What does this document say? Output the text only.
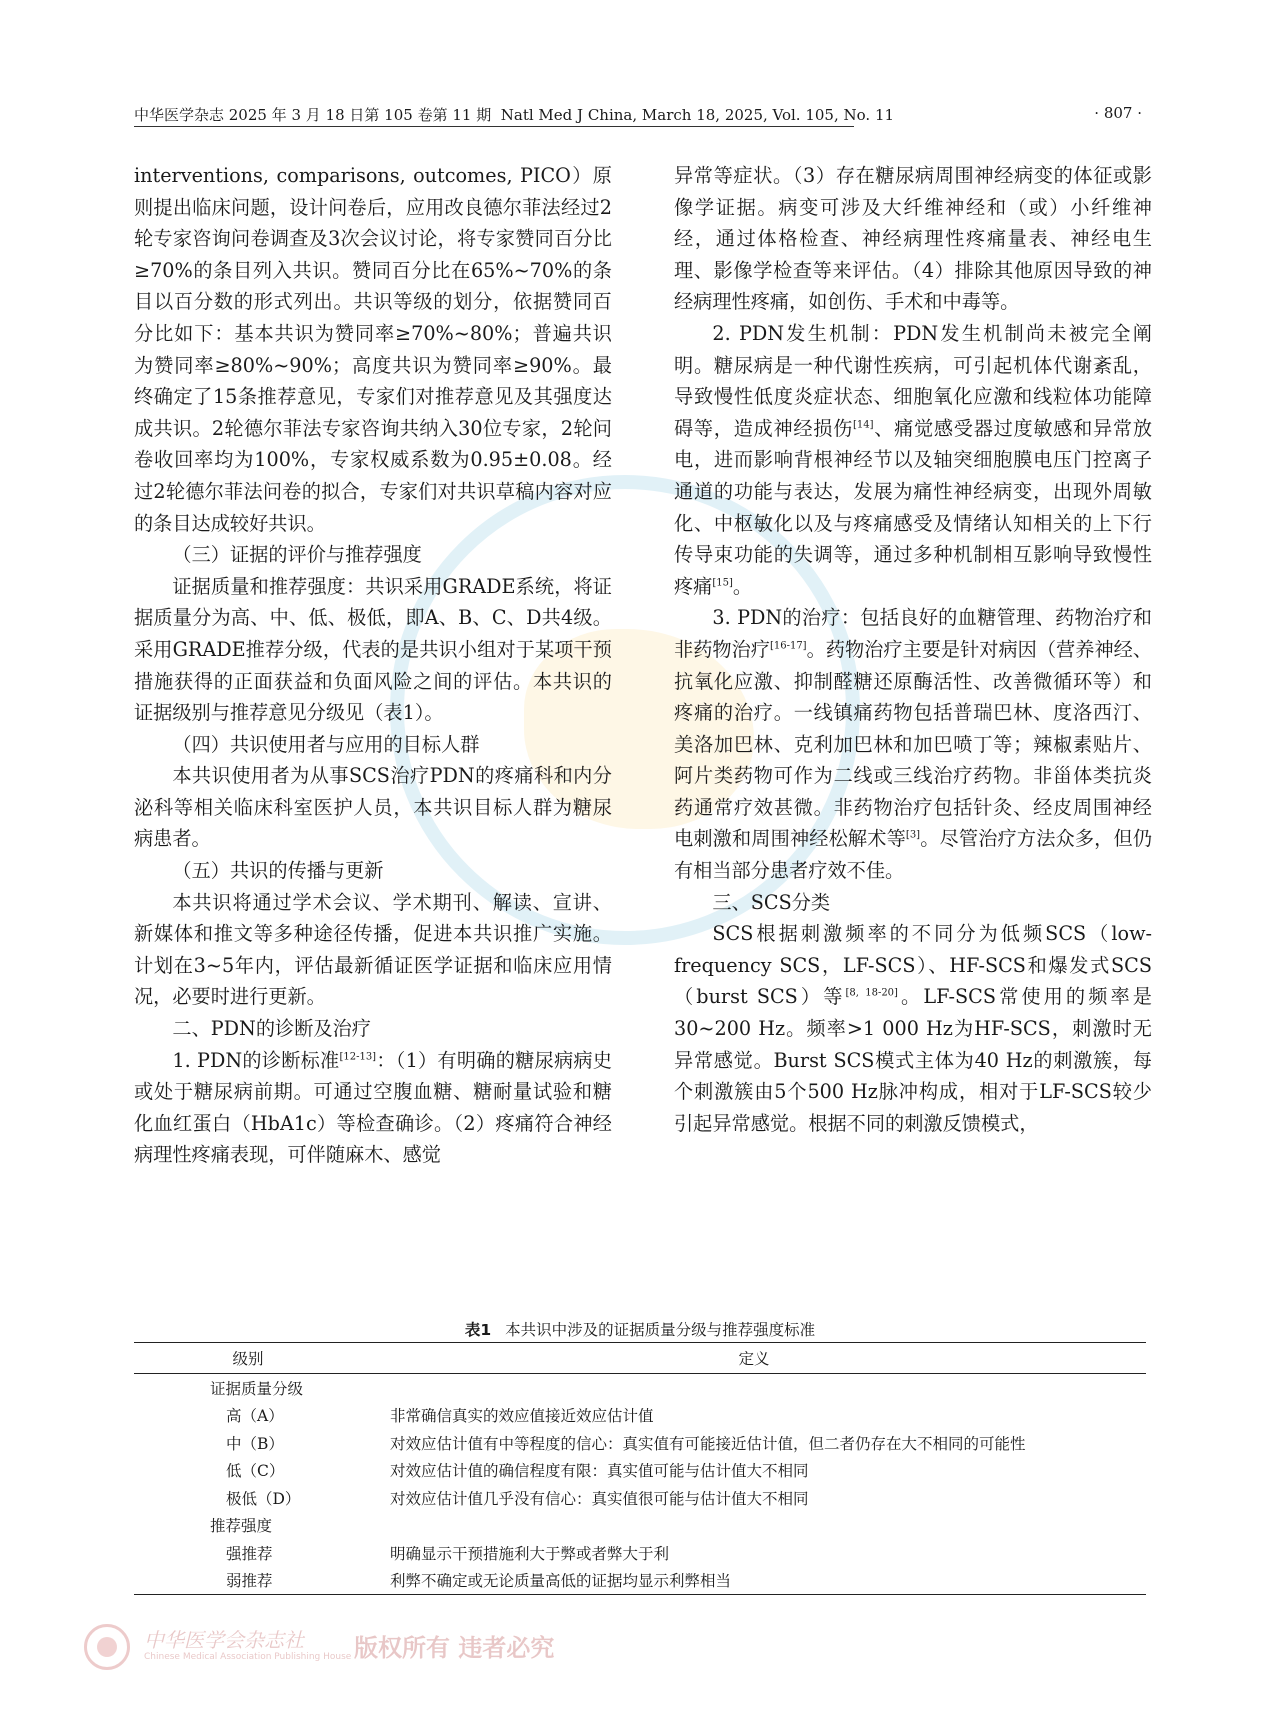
中华医学杂志 2025 年 3 月 18 日第 105 卷第 11 期 Natl Med J China, March 18, 2025, Vol. 105, No. 11	· 807 ·

interventions, comparisons, outcomes, PICO）原则提出临床问题，设计问卷后，应用改良德尔菲法经过2轮专家咨询问卷调查及3次会议讨论，将专家赞同百分比≥70%的条目列入共识。赞同百分比在65%~70%的条目以百分数的形式列出。共识等级的划分，依据赞同百分比如下：基本共识为赞同率≥70%~80%；普遍共识为赞同率≥80%~90%；高度共识为赞同率≥90%。最终确定了15条推荐意见，专家们对推荐意见及其强度达成共识。2轮德尔菲法专家咨询共纳入30位专家，2轮问卷收回率均为100%，专家权威系数为0.95±0.08。经过2轮德尔菲法问卷的拟合，专家们对共识草稿内容对应的条目达成较好共识。

（三）证据的评价与推荐强度

证据质量和推荐强度：共识采用GRADE系统，将证据质量分为高、中、低、极低，即A、B、C、D共4级。采用GRADE推荐分级，代表的是共识小组对于某项干预措施获得的正面获益和负面风险之间的评估。本共识的证据级别与推荐意见分级见（表1）。

（四）共识使用者与应用的目标人群

本共识使用者为从事SCS治疗PDN的疼痛科和内分泌科等相关临床科室医护人员，本共识目标人群为糖尿病患者。

（五）共识的传播与更新

本共识将通过学术会议、学术期刊、解读、宣讲、新媒体和推文等多种途径传播，促进本共识推广实施。计划在3~5年内，评估最新循证医学证据和临床应用情况，必要时进行更新。

二、PDN的诊断及治疗

1. PDN的诊断标准[12-13]：（1）有明确的糖尿病病史或处于糖尿病前期。可通过空腹血糖、糖耐量试验和糖化血红蛋白（HbA1c）等检查确诊。（2）疼痛符合神经病理性疼痛表现，可伴随麻木、感觉

异常等症状。（3）存在糖尿病周围神经病变的体征或影像学证据。病变可涉及大纤维神经和（或）小纤维神经，通过体格检查、神经病理性疼痛量表、神经电生理、影像学检查等来评估。（4）排除其他原因导致的神经病理性疼痛，如创伤、手术和中毒等。

2. PDN发生机制：PDN发生机制尚未被完全阐明。糖尿病是一种代谢性疾病，可引起机体代谢紊乱，导致慢性低度炎症状态、细胞氧化应激和线粒体功能障碍等，造成神经损伤[14]、痛觉感受器过度敏感和异常放电，进而影响背根神经节以及轴突细胞膜电压门控离子通道的功能与表达，发展为痛性神经病变，出现外周敏化、中枢敏化以及与疼痛感受及情绪认知相关的上下行传导束功能的失调等，通过多种机制相互影响导致慢性疼痛[15]。

3. PDN的治疗：包括良好的血糖管理、药物治疗和非药物治疗[16-17]。药物治疗主要是针对病因（营养神经、抗氧化应激、抑制醛糖还原酶活性、改善微循环等）和疼痛的治疗。一线镇痛药物包括普瑞巴林、度洛西汀、美洛加巴林、克利加巴林和加巴喷丁等；辣椒素贴片、阿片类药物可作为二线或三线治疗药物。非甾体类抗炎药通常疗效甚微。非药物治疗包括针灸、经皮周围神经电刺激和周围神经松解术等[3]。尽管治疗方法众多，但仍有相当部分患者疗效不佳。

三、SCS分类

SCS根据刺激频率的不同分为低频SCS（low-frequency SCS，LF-SCS）、HF-SCS和爆发式SCS（burst SCS）等[8, 18-20]。LF-SCS常使用的频率是30~200 Hz。频率>1 000 Hz为HF-SCS，刺激时无异常感觉。Burst SCS模式主体为40 Hz的刺激簇，每个刺激簇由5个500 Hz脉冲构成，相对于LF-SCS较少引起异常感觉。根据不同的刺激反馈模式，

表1 本共识中涉及的证据质量分级与推荐强度标准
级别	定义
证据质量分级	
高（A）	非常确信真实的效应值接近效应估计值
中（B）	对效应估计值有中等程度的信心：真实值有可能接近估计值，但二者仍存在大不相同的可能性
低（C）	对效应估计值的确信程度有限：真实值可能与估计值大不相同
极低（D）	对效应估计值几乎没有信心：真实值很可能与估计值大不相同
推荐强度	
强推荐	明确显示干预措施利大于弊或者弊大于利
弱推荐	利弊不确定或无论质量高低的证据均显示利弊相当
中华医学会杂志社
Chinese Medical Association Publishing House 版权所有 违者必究
